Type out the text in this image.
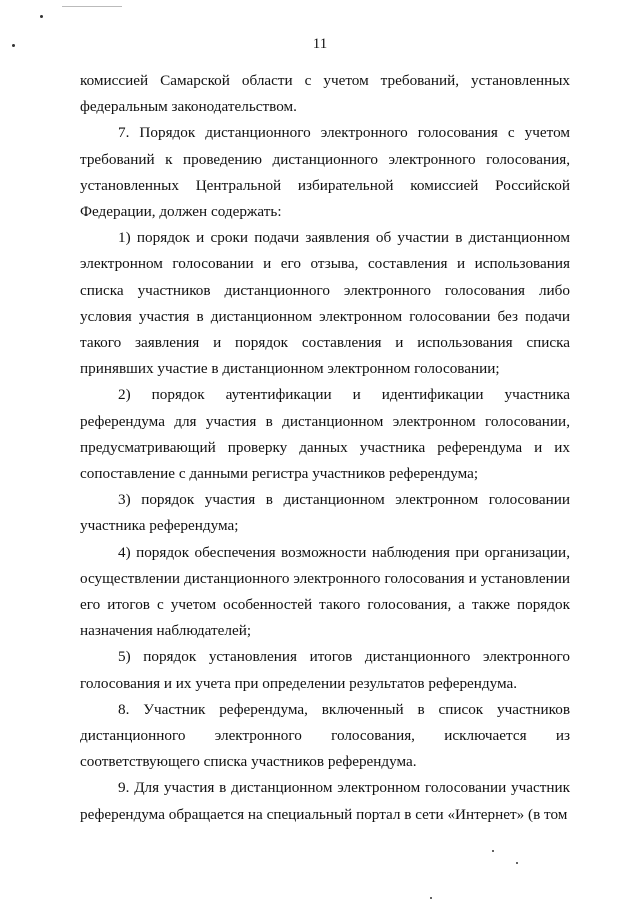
11

комиссией Самарской области с учетом требований, установленных федеральным законодательством.

7. Порядок дистанционного электронного голосования с учетом требований к проведению дистанционного электронного голосования, установленных Центральной избирательной комиссией Российской Федерации, должен содержать:

1) порядок и сроки подачи заявления об участии в дистанционном электронном голосовании и его отзыва, составления и использования списка участников дистанционного электронного голосования либо условия участия в дистанционном электронном голосовании без подачи такого заявления и порядок составления и использования списка принявших участие в дистанционном электронном голосовании;

2) порядок аутентификации и идентификации участника референдума для участия в дистанционном электронном голосовании, предусматривающий проверку данных участника референдума и их сопоставление с данными регистра участников референдума;

3) порядок участия в дистанционном электронном голосовании участника референдума;

4) порядок обеспечения возможности наблюдения при организации, осуществлении дистанционного электронного голосования и установлении его итогов с учетом особенностей такого голосования, а также порядок назначения наблюдателей;

5) порядок установления итогов дистанционного электронного голосования и их учета при определении результатов референдума.

8. Участник референдума, включенный в список участников дистанционного электронного голосования, исключается из соответствующего списка участников референдума.

9. Для участия в дистанционном электронном голосовании участник референдума обращается на специальный портал в сети «Интернет» (в том
